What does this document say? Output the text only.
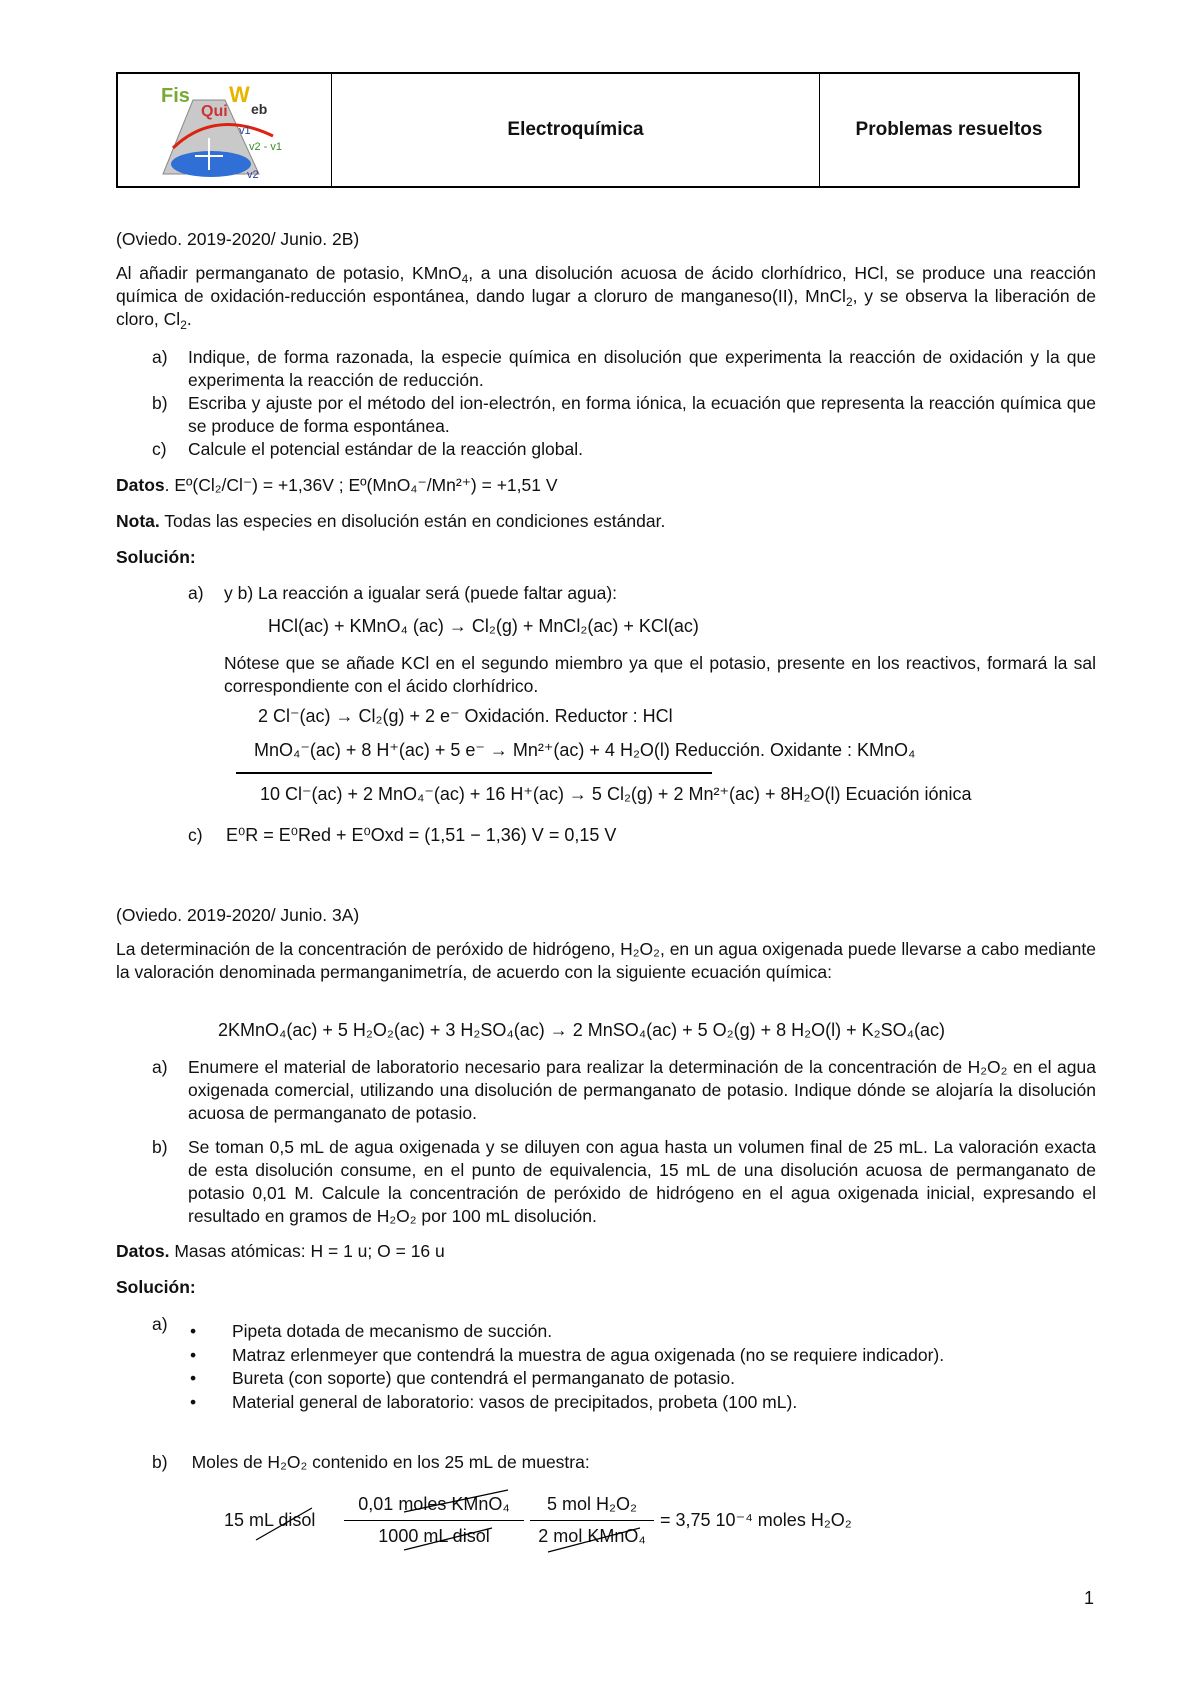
Fis
Qui
W
eb
v1
v2 - v1
v2
Electroquímica	Problemas resueltos
(Oviedo. 2019-2020/ Junio. 2B)
Al añadir permanganato de potasio, KMnO$_4$, a una disolución acuosa de ácido clorhídrico, HCl, se produce una reacción química de oxidación-reducción espontánea, dando lugar a cloruro de manganeso(II), MnCl$_2$, y se observa la liberación de cloro, $Cl_2$.
a) Indique, de forma razonada, la especie química en disolución que experimenta la reacción de oxidación y la que experimenta la reacción de reducción.
b) Escriba y ajuste por el método del ion-electrón, en forma iónica, la ecuación que representa la reacción química que se produce de forma espontánea.
c) Calcule el potencial estándar de la reacción global.
Datos. Eº(Cl₂/Cl⁻) = +1,36V ; Eº(MnO₄⁻/Mn²⁺) = +1,51 V
Nota. Todas las especies en disolución están en condiciones estándar.
Solución:
a) y b) La reacción a igualar será (puede faltar agua):
HCl(ac) + KMnO₄ (ac) → Cl₂(g) + MnCl₂(ac) + KCl(ac)
Nótese que se añade KCl en el segundo miembro ya que el potasio, presente en los reactivos, formará la sal correspondiente con el ácido clorhídrico.
2 Cl⁻(ac) → Cl₂(g) + 2 e⁻ Oxidación. Reductor : HCl
MnO₄⁻(ac) + 8 H⁺(ac) + 5 e⁻ → Mn²⁺(ac) + 4 H₂O(l) Reducción. Oxidante : KMnO₄
10 Cl⁻(ac) + 2 MnO₄⁻(ac) + 16 H⁺(ac) → 5 Cl₂(g) + 2 Mn²⁺(ac) + 8H₂O(l) Ecuación iónica
c) E⁰R = E⁰Red + E⁰Oxd = (1,51 − 1,36) V = 0,15 V
(Oviedo. 2019-2020/ Junio. 3A)
La determinación de la concentración de peróxido de hidrógeno, H₂O₂, en un agua oxigenada puede llevarse a cabo mediante la valoración denominada permanganimetría, de acuerdo con la siguiente ecuación química:
2KMnO₄(ac) + 5 H₂O₂(ac) + 3 H₂SO₄(ac) → 2 MnSO₄(ac) + 5 O₂(g) + 8 H₂O(l) + K₂SO₄(ac)
a) Enumere el material de laboratorio necesario para realizar la determinación de la concentración de H₂O₂ en el agua oxigenada comercial, utilizando una disolución de permanganato de potasio. Indique dónde se alojaría la disolución acuosa de permanganato de potasio.
b) Se toman 0,5 mL de agua oxigenada y se diluyen con agua hasta un volumen final de 25 mL. La valoración exacta de esta disolución consume, en el punto de equivalencia, 15 mL de una disolución acuosa de permanganato de potasio 0,01 M. Calcule la concentración de peróxido de hidrógeno en el agua oxigenada inicial, expresando el resultado en gramos de H₂O₂ por 100 mL disolución.
Datos. Masas atómicas: H = 1 u; O = 16 u
Solución:
a) • Pipeta dotada de mecanismo de succión.
• Matraz erlenmeyer que contendrá la muestra de agua oxigenada (no se requiere indicador).
• Bureta (con soporte) que contendrá el permanganato de potasio.
• Material general de laboratorio: vasos de precipitados, probeta (100 mL).
b) Moles de H₂O₂ contenido en los 25 mL de muestra:
15 mL disol
0,01 moles KMnO₄
1000 mL disol
5 mol H₂O₂
2 mol KMnO₄
= 3,75 10⁻⁴ moles H₂O₂
1
